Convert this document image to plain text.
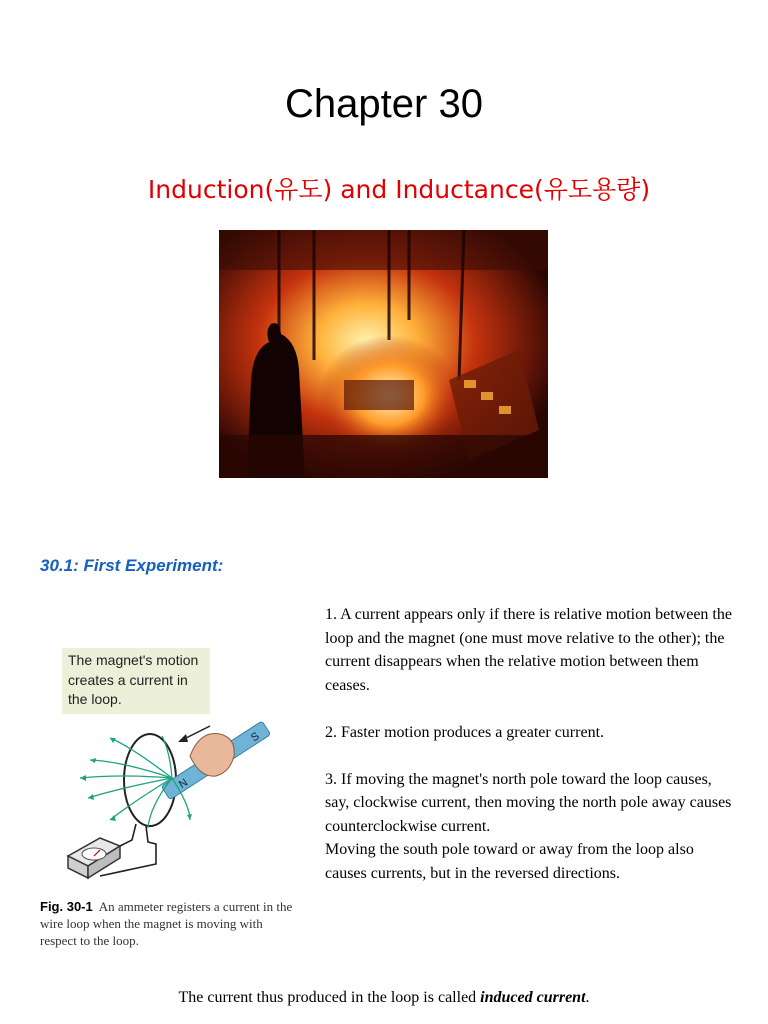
Chapter 30
Induction(유도) and Inductance(유도용량)
30.1: First Experiment:
The magnet's motion creates a current in the loop.
N
S
Fig. 30-1 An ammeter registers a current in the wire loop when the magnet is moving with respect to the loop.

1. A current appears only if there is relative motion between the loop and the magnet (one must move relative to the other); the current disappears when the relative motion between them ceases.

2. Faster motion produces a greater current.

3. If moving the magnet's north pole toward the loop causes, say, clockwise current, then moving the north pole away causes counterclockwise current.

Moving the south pole toward or away from the loop also causes currents, but in the reversed directions.

The current thus produced in the loop is called induced current.
